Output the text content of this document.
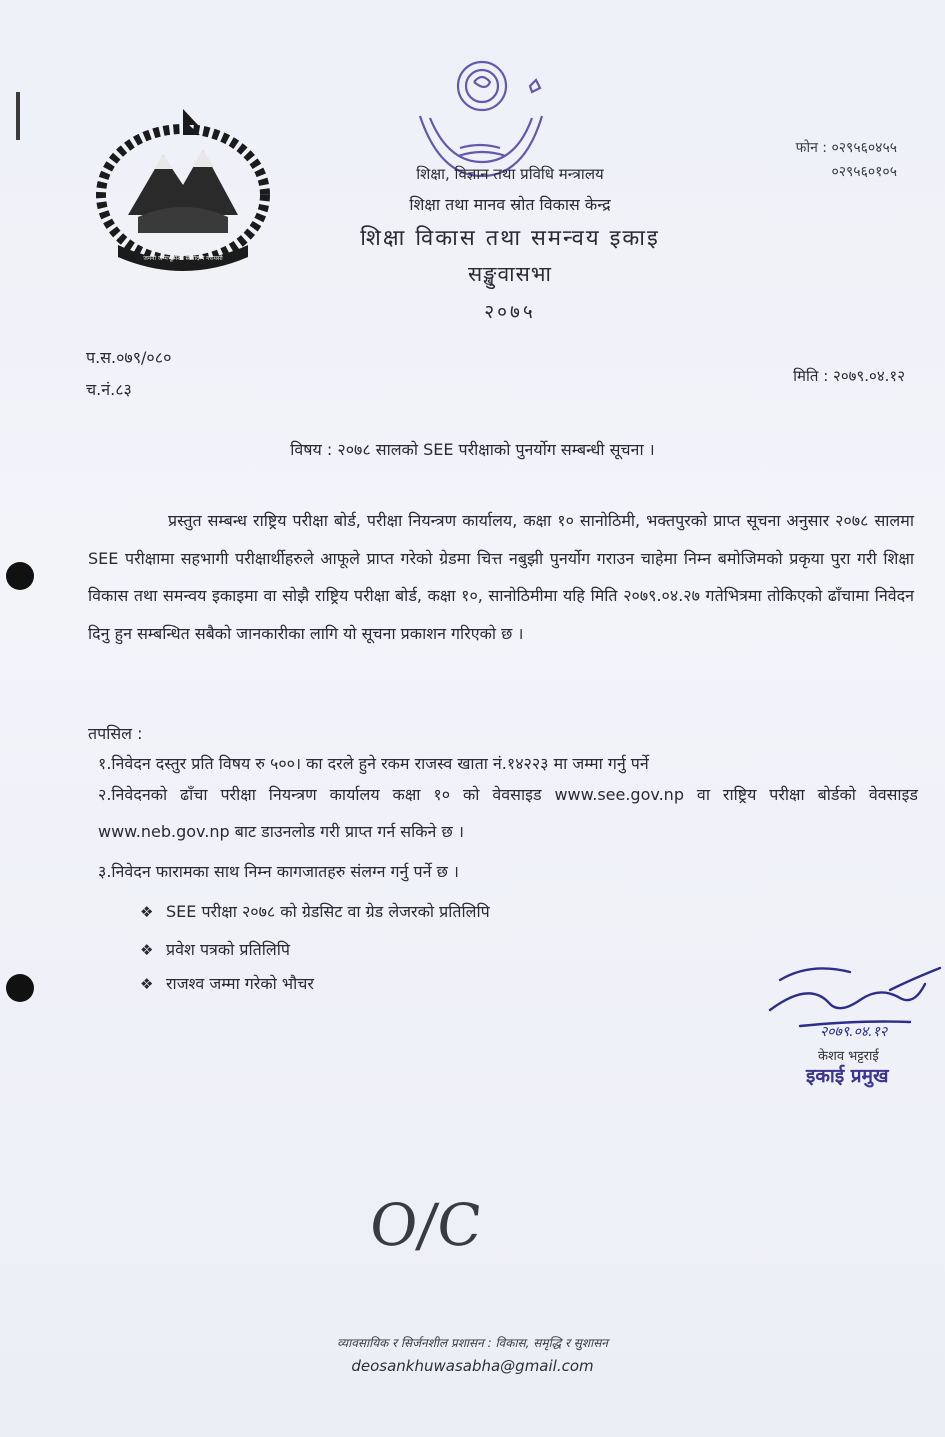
जननी जन्मभूमिश्च स्वर्गादपि गरीयसी
शिक्षा, विज्ञान तथा प्रविधि मन्त्रालय
शिक्षा तथा मानव स्रोत विकास केन्द्र
शिक्षा विकास तथा समन्वय इकाइ
सङ्खुवासभा
२०७५
फोन : ०२९५६०४५५
०२९५६०१०५
प.स.०७९/०८०
च.नं.८३
मिति : २०७९.०४.१२
विषय : २०७८ सालको SEE परीक्षाको पुनर्योग सम्बन्धी सूचना ।
प्रस्तुत सम्बन्ध राष्ट्रिय परीक्षा बोर्ड, परीक्षा नियन्त्रण कार्यालय, कक्षा १० सानोठिमी, भक्तपुरको प्राप्त सूचना अनुसार २०७८ सालमा SEE परीक्षामा सहभागी परीक्षार्थीहरुले आफूले प्राप्त गरेको ग्रेडमा चित्त नबुझी पुनर्योग गराउन चाहेमा निम्न बमोजिमको प्रकृया पुरा गरी शिक्षा विकास तथा समन्वय इकाइमा वा सोझै राष्ट्रिय परीक्षा बोर्ड, कक्षा १०, सानोठिमीमा यहि मिति २०७९.०४.२७ गतेभित्रमा तोकिएको ढाँचामा निवेदन दिनु हुन सम्बन्धित सबैको जानकारीका लागि यो सूचना प्रकाशन गरिएको छ ।
तपसिल :
१.निवेदन दस्तुर प्रति विषय रु ५००। का दरले हुने रकम राजस्व खाता नं.१४२२३ मा जम्मा गर्नु पर्ने
२.निवेदनको ढाँचा परीक्षा नियन्त्रण कार्यालय कक्षा १० को वेवसाइड www.see.gov.np वा राष्ट्रिय परीक्षा बोर्डको वेवसाइड www.neb.gov.np बाट डाउनलोड गरी प्राप्त गर्न सकिने छ ।
३.निवेदन फारामका साथ निम्न कागजातहरु संलग्न गर्नु पर्ने छ ।
❖ SEE परीक्षा २०७८ को ग्रेडसिट वा ग्रेड लेजरको प्रतिलिपि
❖ प्रवेश पत्रको प्रतिलिपि
❖ राजश्व जम्मा गरेको भौचर
२०७९.०४.१२
केशव भट्टराई
इकाई प्रमुख
O/C
व्यावसायिक र सिर्जनशील प्रशासन : विकास, समृद्धि र सुशासन
deosankhuwasabha@gmail.com
